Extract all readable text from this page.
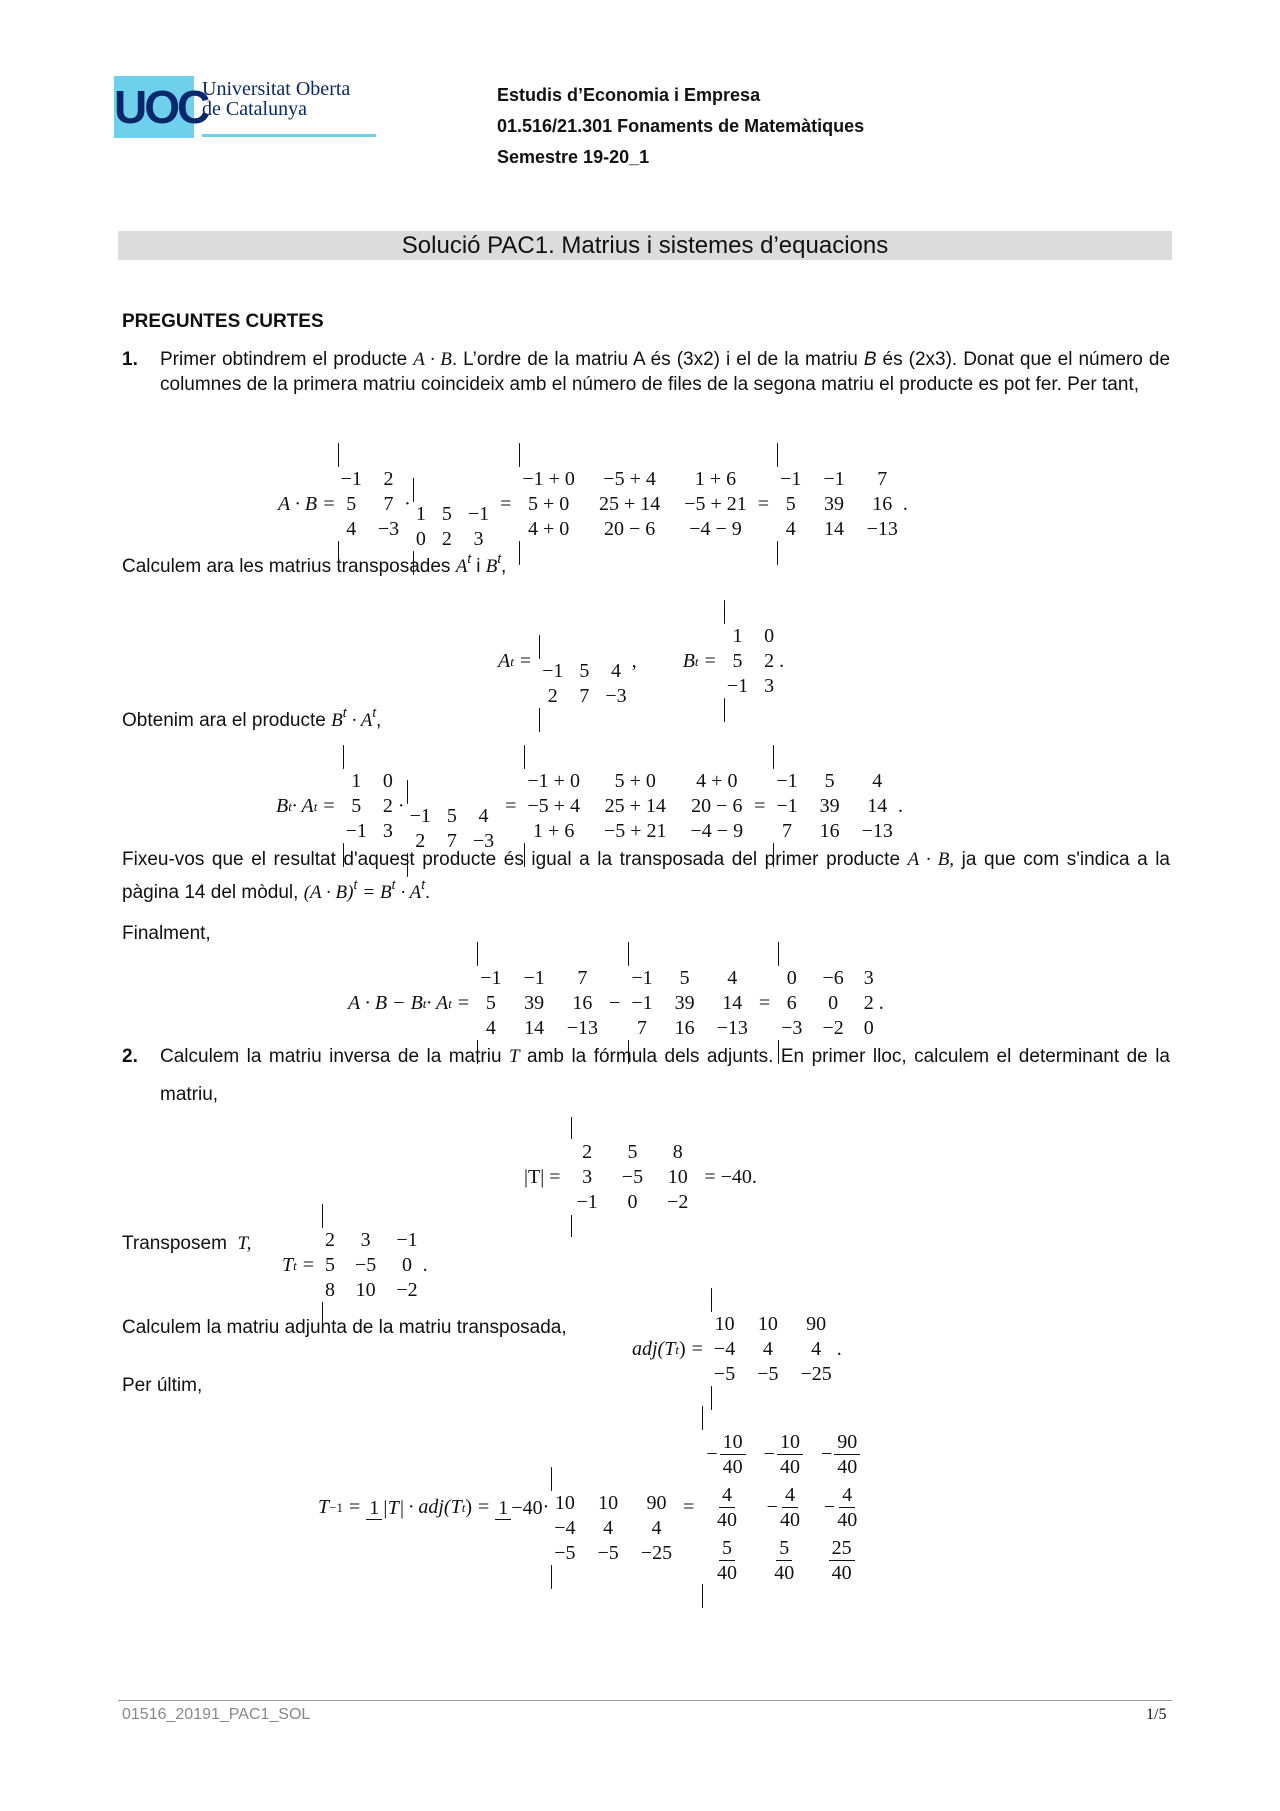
UOC
Universitat Oberta
de Catalunya
Estudis d’Economia i Empresa
01.516/21.301 Fonaments de Matemàtiques
Semestre 19-20_1
Solució PAC1. Matrius i sistemes d’equacions
PREGUNTES CURTES
1. Primer obtindrem el producte A · B. L’ordre de la matriu A és (3x2) i el de la matriu B és (2x3). Donat que el número de columnes de la primera matriu coincideix amb el número de files de la segona matriu el producte es pot fer. Per tant,
A · B =
−1 2
5 7
4 −3
· 1 5 −1
0 2 3
=
−1 + 0 −5 + 4	1 + 6
5 + 0 25 + 14 −5 + 21
4 + 0 20 − 6 −4 − 9
=
−1 −1	7
5 39 16
4 14 −13
.
Calculem ara les matrius transposades $A^t$ i $B^t$,
A t = −1 5 4
2 7 −3
, B t =
1 0
5 2
−1 3
.
Obtenim ara el producte $B^t \cdot A^t$,
B t · A t =
1 0
5 2
−1 3
· −1 5 4
2 7 −3
=
−1 + 0	5 + 0	4 + 0
−5 + 4 25 + 14 20 − 6
1 + 6 −5 + 21 −4 − 9
=
−1 5	4
−1 39 14
7 16 −13
.
Fixeu-vos que el resultat d'aquest producte és igual a la transposada del primer producte A · B, ja que com s'indica a la pàgina 14 del mòdul, $(A \cdot B)^t = B^t \cdot A^t$.
Finalment,
A · B − B t · A t =
−1 −1	7
5 39 16
4 14 −13
−
−1 5	4
−1 39 14
7 16 −13
=
0 −6 3
6 0 2
−3 −2 0
.
2. Calculem la matriu inversa de la matriu T amb la fórmula dels adjunts. En primer lloc, calculem el determinant de la matriu,
|T| =
2 5 8
3 −5 10
−1 0 −2
= −40.
Transposem T,
T t =
2 3 −1
5 −5 0
8 10 −2
.
Calculem la matriu adjunta de la matriu transposada,
adj(T t ) =
10 10 90
−4 4	4
−5 −5 −25
.
Per últim,
T −1 = 1 |T| · adj(T t ) = 1 −40 · 10 10 90
−4 4	4
−5 −5 −25
=
− $\frac{10}{40} - \frac{10}{40} - \frac{90}{40}$
$\frac{4}{40} - \frac{4}{40} - \frac{4}{40}$
$\frac{5}{40} \frac{5}{40} \frac{25}{40}$
01516_20191_PAC1_SOL	1/5
